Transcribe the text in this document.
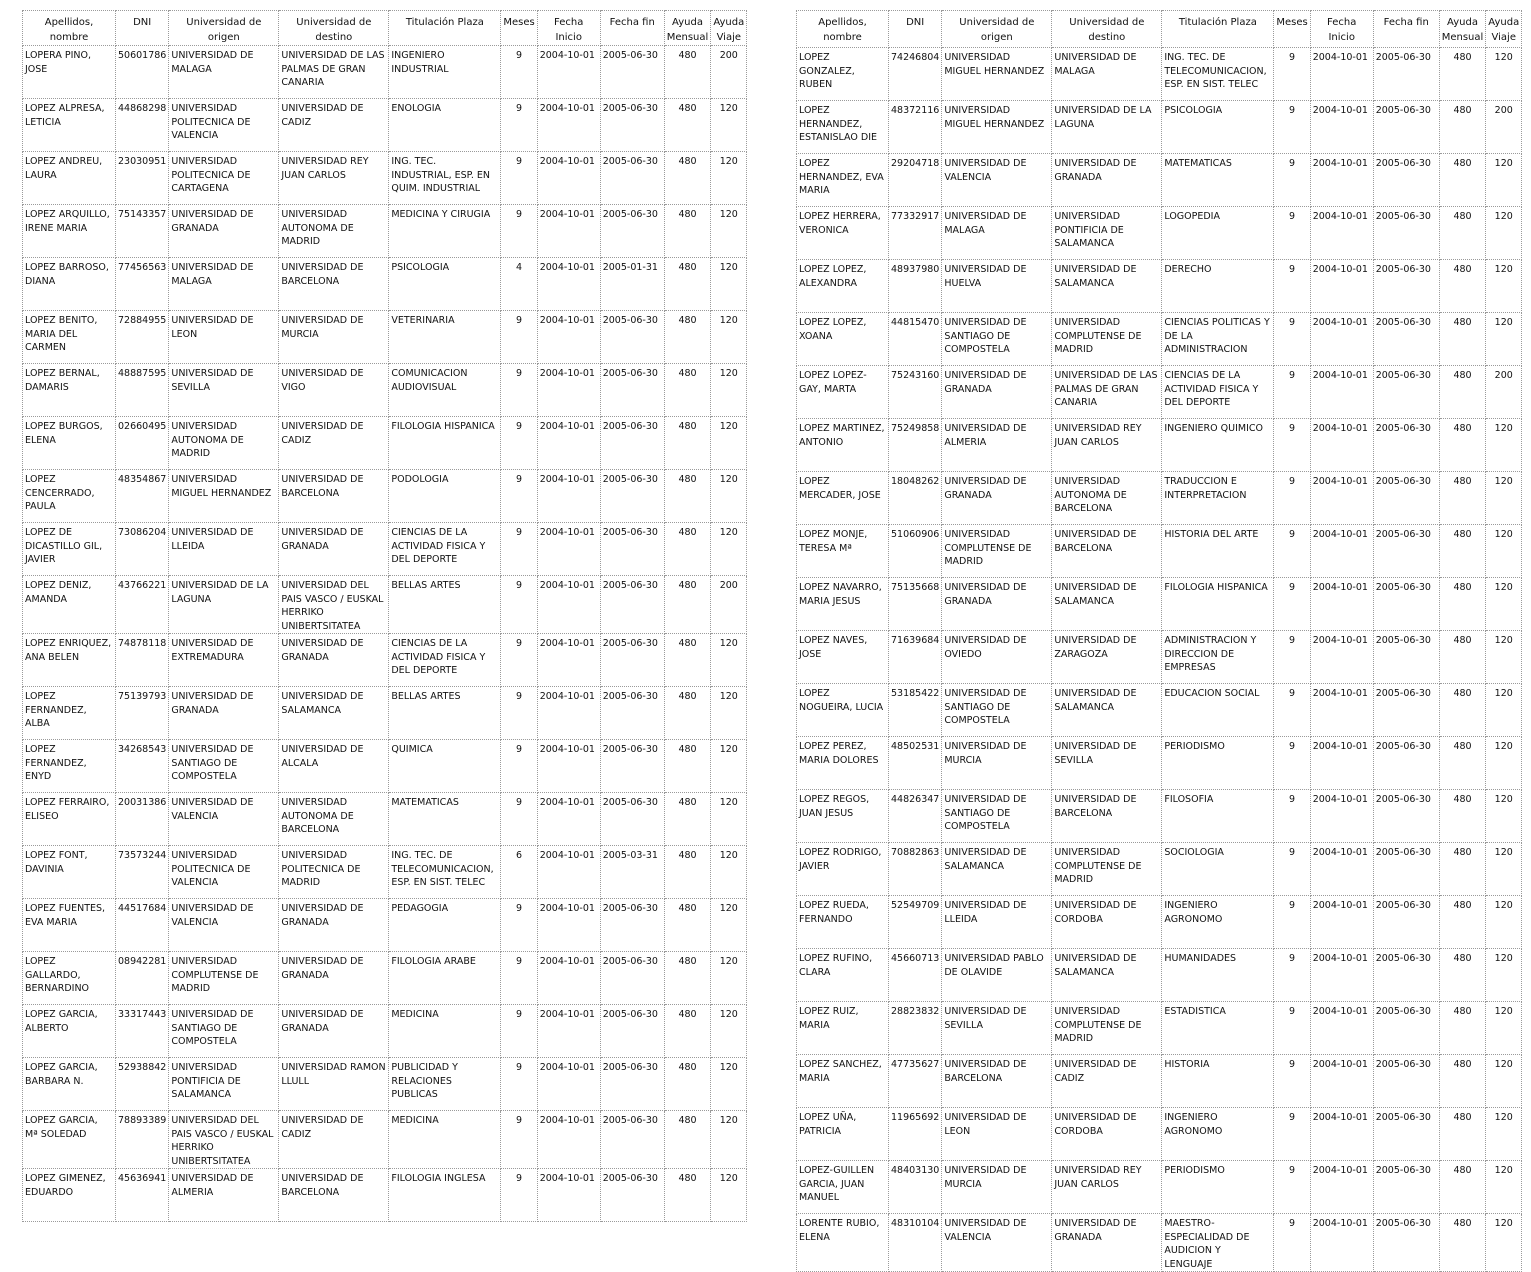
Apellidos, nombre	DNI	Universidad de origen	Universidad de destino	Titulación Plaza	Meses	Fecha Inicio	Fecha fin	Ayuda Mensual	Ayuda Viaje
LOPERA PINO, JOSE	50601786	UNIVERSIDAD DE MALAGA	UNIVERSIDAD DE LAS PALMAS DE GRAN CANARIA	INGENIERO INDUSTRIAL	9	2004-10-01	2005-06-30	480	200
LOPEZ ALPRESA, LETICIA	44868298	UNIVERSIDAD POLITECNICA DE VALENCIA	UNIVERSIDAD DE CADIZ	ENOLOGIA	9	2004-10-01	2005-06-30	480	120
LOPEZ ANDREU, LAURA	23030951	UNIVERSIDAD POLITECNICA DE CARTAGENA	UNIVERSIDAD REY JUAN CARLOS	ING. TEC. INDUSTRIAL, ESP. EN QUIM. INDUSTRIAL	9	2004-10-01	2005-06-30	480	120
LOPEZ ARQUILLO, IRENE MARIA	75143357	UNIVERSIDAD DE GRANADA	UNIVERSIDAD AUTONOMA DE MADRID	MEDICINA Y CIRUGIA	9	2004-10-01	2005-06-30	480	120
LOPEZ BARROSO, DIANA	77456563	UNIVERSIDAD DE MALAGA	UNIVERSIDAD DE BARCELONA	PSICOLOGIA	4	2004-10-01	2005-01-31	480	120
LOPEZ BENITO, MARIA DEL CARMEN	72884955	UNIVERSIDAD DE LEON	UNIVERSIDAD DE MURCIA	VETERINARIA	9	2004-10-01	2005-06-30	480	120
LOPEZ BERNAL, DAMARIS	48887595	UNIVERSIDAD DE SEVILLA	UNIVERSIDAD DE VIGO	COMUNICACION AUDIOVISUAL	9	2004-10-01	2005-06-30	480	120
LOPEZ BURGOS, ELENA	02660495	UNIVERSIDAD AUTONOMA DE MADRID	UNIVERSIDAD DE CADIZ	FILOLOGIA HISPANICA	9	2004-10-01	2005-06-30	480	120
LOPEZ CENCERRADO, PAULA	48354867	UNIVERSIDAD MIGUEL HERNANDEZ	UNIVERSIDAD DE BARCELONA	PODOLOGIA	9	2004-10-01	2005-06-30	480	120
LOPEZ DE DICASTILLO GIL, JAVIER	73086204	UNIVERSIDAD DE LLEIDA	UNIVERSIDAD DE GRANADA	CIENCIAS DE LA ACTIVIDAD FISICA Y DEL DEPORTE	9	2004-10-01	2005-06-30	480	120
LOPEZ DENIZ, AMANDA	43766221	UNIVERSIDAD DE LA LAGUNA	UNIVERSIDAD DEL PAIS VASCO / EUSKAL HERRIKO UNIBERTSITATEA	BELLAS ARTES	9	2004-10-01	2005-06-30	480	200
LOPEZ ENRIQUEZ, ANA BELEN	74878118	UNIVERSIDAD DE EXTREMADURA	UNIVERSIDAD DE GRANADA	CIENCIAS DE LA ACTIVIDAD FISICA Y DEL DEPORTE	9	2004-10-01	2005-06-30	480	120
LOPEZ FERNANDEZ, ALBA	75139793	UNIVERSIDAD DE GRANADA	UNIVERSIDAD DE SALAMANCA	BELLAS ARTES	9	2004-10-01	2005-06-30	480	120
LOPEZ FERNANDEZ, ENYD	34268543	UNIVERSIDAD DE SANTIAGO DE COMPOSTELA	UNIVERSIDAD DE ALCALA	QUIMICA	9	2004-10-01	2005-06-30	480	120
LOPEZ FERRAIRO, ELISEO	20031386	UNIVERSIDAD DE VALENCIA	UNIVERSIDAD AUTONOMA DE BARCELONA	MATEMATICAS	9	2004-10-01	2005-06-30	480	120
LOPEZ FONT, DAVINIA	73573244	UNIVERSIDAD POLITECNICA DE VALENCIA	UNIVERSIDAD POLITECNICA DE MADRID	ING. TEC. DE TELECOMUNICACION, ESP. EN SIST. TELEC	6	2004-10-01	2005-03-31	480	120
LOPEZ FUENTES, EVA MARIA	44517684	UNIVERSIDAD DE VALENCIA	UNIVERSIDAD DE GRANADA	PEDAGOGIA	9	2004-10-01	2005-06-30	480	120
LOPEZ GALLARDO, BERNARDINO	08942281	UNIVERSIDAD COMPLUTENSE DE MADRID	UNIVERSIDAD DE GRANADA	FILOLOGIA ARABE	9	2004-10-01	2005-06-30	480	120
LOPEZ GARCIA, ALBERTO	33317443	UNIVERSIDAD DE SANTIAGO DE COMPOSTELA	UNIVERSIDAD DE GRANADA	MEDICINA	9	2004-10-01	2005-06-30	480	120
LOPEZ GARCIA, BARBARA N.	52938842	UNIVERSIDAD PONTIFICIA DE SALAMANCA	UNIVERSIDAD RAMON LLULL	PUBLICIDAD Y RELACIONES PUBLICAS	9	2004-10-01	2005-06-30	480	120
LOPEZ GARCIA, Mª SOLEDAD	78893389	UNIVERSIDAD DEL PAIS VASCO / EUSKAL HERRIKO UNIBERTSITATEA	UNIVERSIDAD DE CADIZ	MEDICINA	9	2004-10-01	2005-06-30	480	120
LOPEZ GIMENEZ, EDUARDO	45636941	UNIVERSIDAD DE ALMERIA	UNIVERSIDAD DE BARCELONA	FILOLOGIA INGLESA	9	2004-10-01	2005-06-30	480	120
Apellidos, nombre	DNI	Universidad de origen	Universidad de destino	Titulación Plaza	Meses	Fecha Inicio	Fecha fin	Ayuda Mensual	Ayuda Viaje
LOPEZ GONZALEZ, RUBEN	74246804	UNIVERSIDAD MIGUEL HERNANDEZ	UNIVERSIDAD DE MALAGA	ING. TEC. DE TELECOMUNICACION, ESP. EN SIST. TELEC	9	2004-10-01	2005-06-30	480	120
LOPEZ HERNANDEZ, ESTANISLAO DIE	48372116	UNIVERSIDAD MIGUEL HERNANDEZ	UNIVERSIDAD DE LA LAGUNA	PSICOLOGIA	9	2004-10-01	2005-06-30	480	200
LOPEZ HERNANDEZ, EVA MARIA	29204718	UNIVERSIDAD DE VALENCIA	UNIVERSIDAD DE GRANADA	MATEMATICAS	9	2004-10-01	2005-06-30	480	120
LOPEZ HERRERA, VERONICA	77332917	UNIVERSIDAD DE MALAGA	UNIVERSIDAD PONTIFICIA DE SALAMANCA	LOGOPEDIA	9	2004-10-01	2005-06-30	480	120
LOPEZ LOPEZ, ALEXANDRA	48937980	UNIVERSIDAD DE HUELVA	UNIVERSIDAD DE SALAMANCA	DERECHO	9	2004-10-01	2005-06-30	480	120
LOPEZ LOPEZ, XOANA	44815470	UNIVERSIDAD DE SANTIAGO DE COMPOSTELA	UNIVERSIDAD COMPLUTENSE DE MADRID	CIENCIAS POLITICAS Y DE LA ADMINISTRACION	9	2004-10-01	2005-06-30	480	120
LOPEZ LOPEZ-GAY, MARTA	75243160	UNIVERSIDAD DE GRANADA	UNIVERSIDAD DE LAS PALMAS DE GRAN CANARIA	CIENCIAS DE LA ACTIVIDAD FISICA Y DEL DEPORTE	9	2004-10-01	2005-06-30	480	200
LOPEZ MARTINEZ, ANTONIO	75249858	UNIVERSIDAD DE ALMERIA	UNIVERSIDAD REY JUAN CARLOS	INGENIERO QUIMICO	9	2004-10-01	2005-06-30	480	120
LOPEZ MERCADER, JOSE	18048262	UNIVERSIDAD DE GRANADA	UNIVERSIDAD AUTONOMA DE BARCELONA	TRADUCCION E INTERPRETACION	9	2004-10-01	2005-06-30	480	120
LOPEZ MONJE, TERESA Mª	51060906	UNIVERSIDAD COMPLUTENSE DE MADRID	UNIVERSIDAD DE BARCELONA	HISTORIA DEL ARTE	9	2004-10-01	2005-06-30	480	120
LOPEZ NAVARRO, MARIA JESUS	75135668	UNIVERSIDAD DE GRANADA	UNIVERSIDAD DE SALAMANCA	FILOLOGIA HISPANICA	9	2004-10-01	2005-06-30	480	120
LOPEZ NAVES, JOSE	71639684	UNIVERSIDAD DE OVIEDO	UNIVERSIDAD DE ZARAGOZA	ADMINISTRACION Y DIRECCION DE EMPRESAS	9	2004-10-01	2005-06-30	480	120
LOPEZ NOGUEIRA, LUCIA	53185422	UNIVERSIDAD DE SANTIAGO DE COMPOSTELA	UNIVERSIDAD DE SALAMANCA	EDUCACION SOCIAL	9	2004-10-01	2005-06-30	480	120
LOPEZ PEREZ, MARIA DOLORES	48502531	UNIVERSIDAD DE MURCIA	UNIVERSIDAD DE SEVILLA	PERIODISMO	9	2004-10-01	2005-06-30	480	120
LOPEZ REGOS, JUAN JESUS	44826347	UNIVERSIDAD DE SANTIAGO DE COMPOSTELA	UNIVERSIDAD DE BARCELONA	FILOSOFIA	9	2004-10-01	2005-06-30	480	120
LOPEZ RODRIGO, JAVIER	70882863	UNIVERSIDAD DE SALAMANCA	UNIVERSIDAD COMPLUTENSE DE MADRID	SOCIOLOGIA	9	2004-10-01	2005-06-30	480	120
LOPEZ RUEDA, FERNANDO	52549709	UNIVERSIDAD DE LLEIDA	UNIVERSIDAD DE CORDOBA	INGENIERO AGRONOMO	9	2004-10-01	2005-06-30	480	120
LOPEZ RUFINO, CLARA	45660713	UNIVERSIDAD PABLO DE OLAVIDE	UNIVERSIDAD DE SALAMANCA	HUMANIDADES	9	2004-10-01	2005-06-30	480	120
LOPEZ RUIZ, MARIA	28823832	UNIVERSIDAD DE SEVILLA	UNIVERSIDAD COMPLUTENSE DE MADRID	ESTADISTICA	9	2004-10-01	2005-06-30	480	120
LOPEZ SANCHEZ, MARIA	47735627	UNIVERSIDAD DE BARCELONA	UNIVERSIDAD DE CADIZ	HISTORIA	9	2004-10-01	2005-06-30	480	120
LOPEZ UÑA, PATRICIA	11965692	UNIVERSIDAD DE LEON	UNIVERSIDAD DE CORDOBA	INGENIERO AGRONOMO	9	2004-10-01	2005-06-30	480	120
LOPEZ-GUILLEN GARCIA, JUAN MANUEL	48403130	UNIVERSIDAD DE MURCIA	UNIVERSIDAD REY JUAN CARLOS	PERIODISMO	9	2004-10-01	2005-06-30	480	120
LORENTE RUBIO, ELENA	48310104	UNIVERSIDAD DE VALENCIA	UNIVERSIDAD DE GRANADA	MAESTRO-ESPECIALIDAD DE AUDICION Y LENGUAJE	9	2004-10-01	2005-06-30	480	120
